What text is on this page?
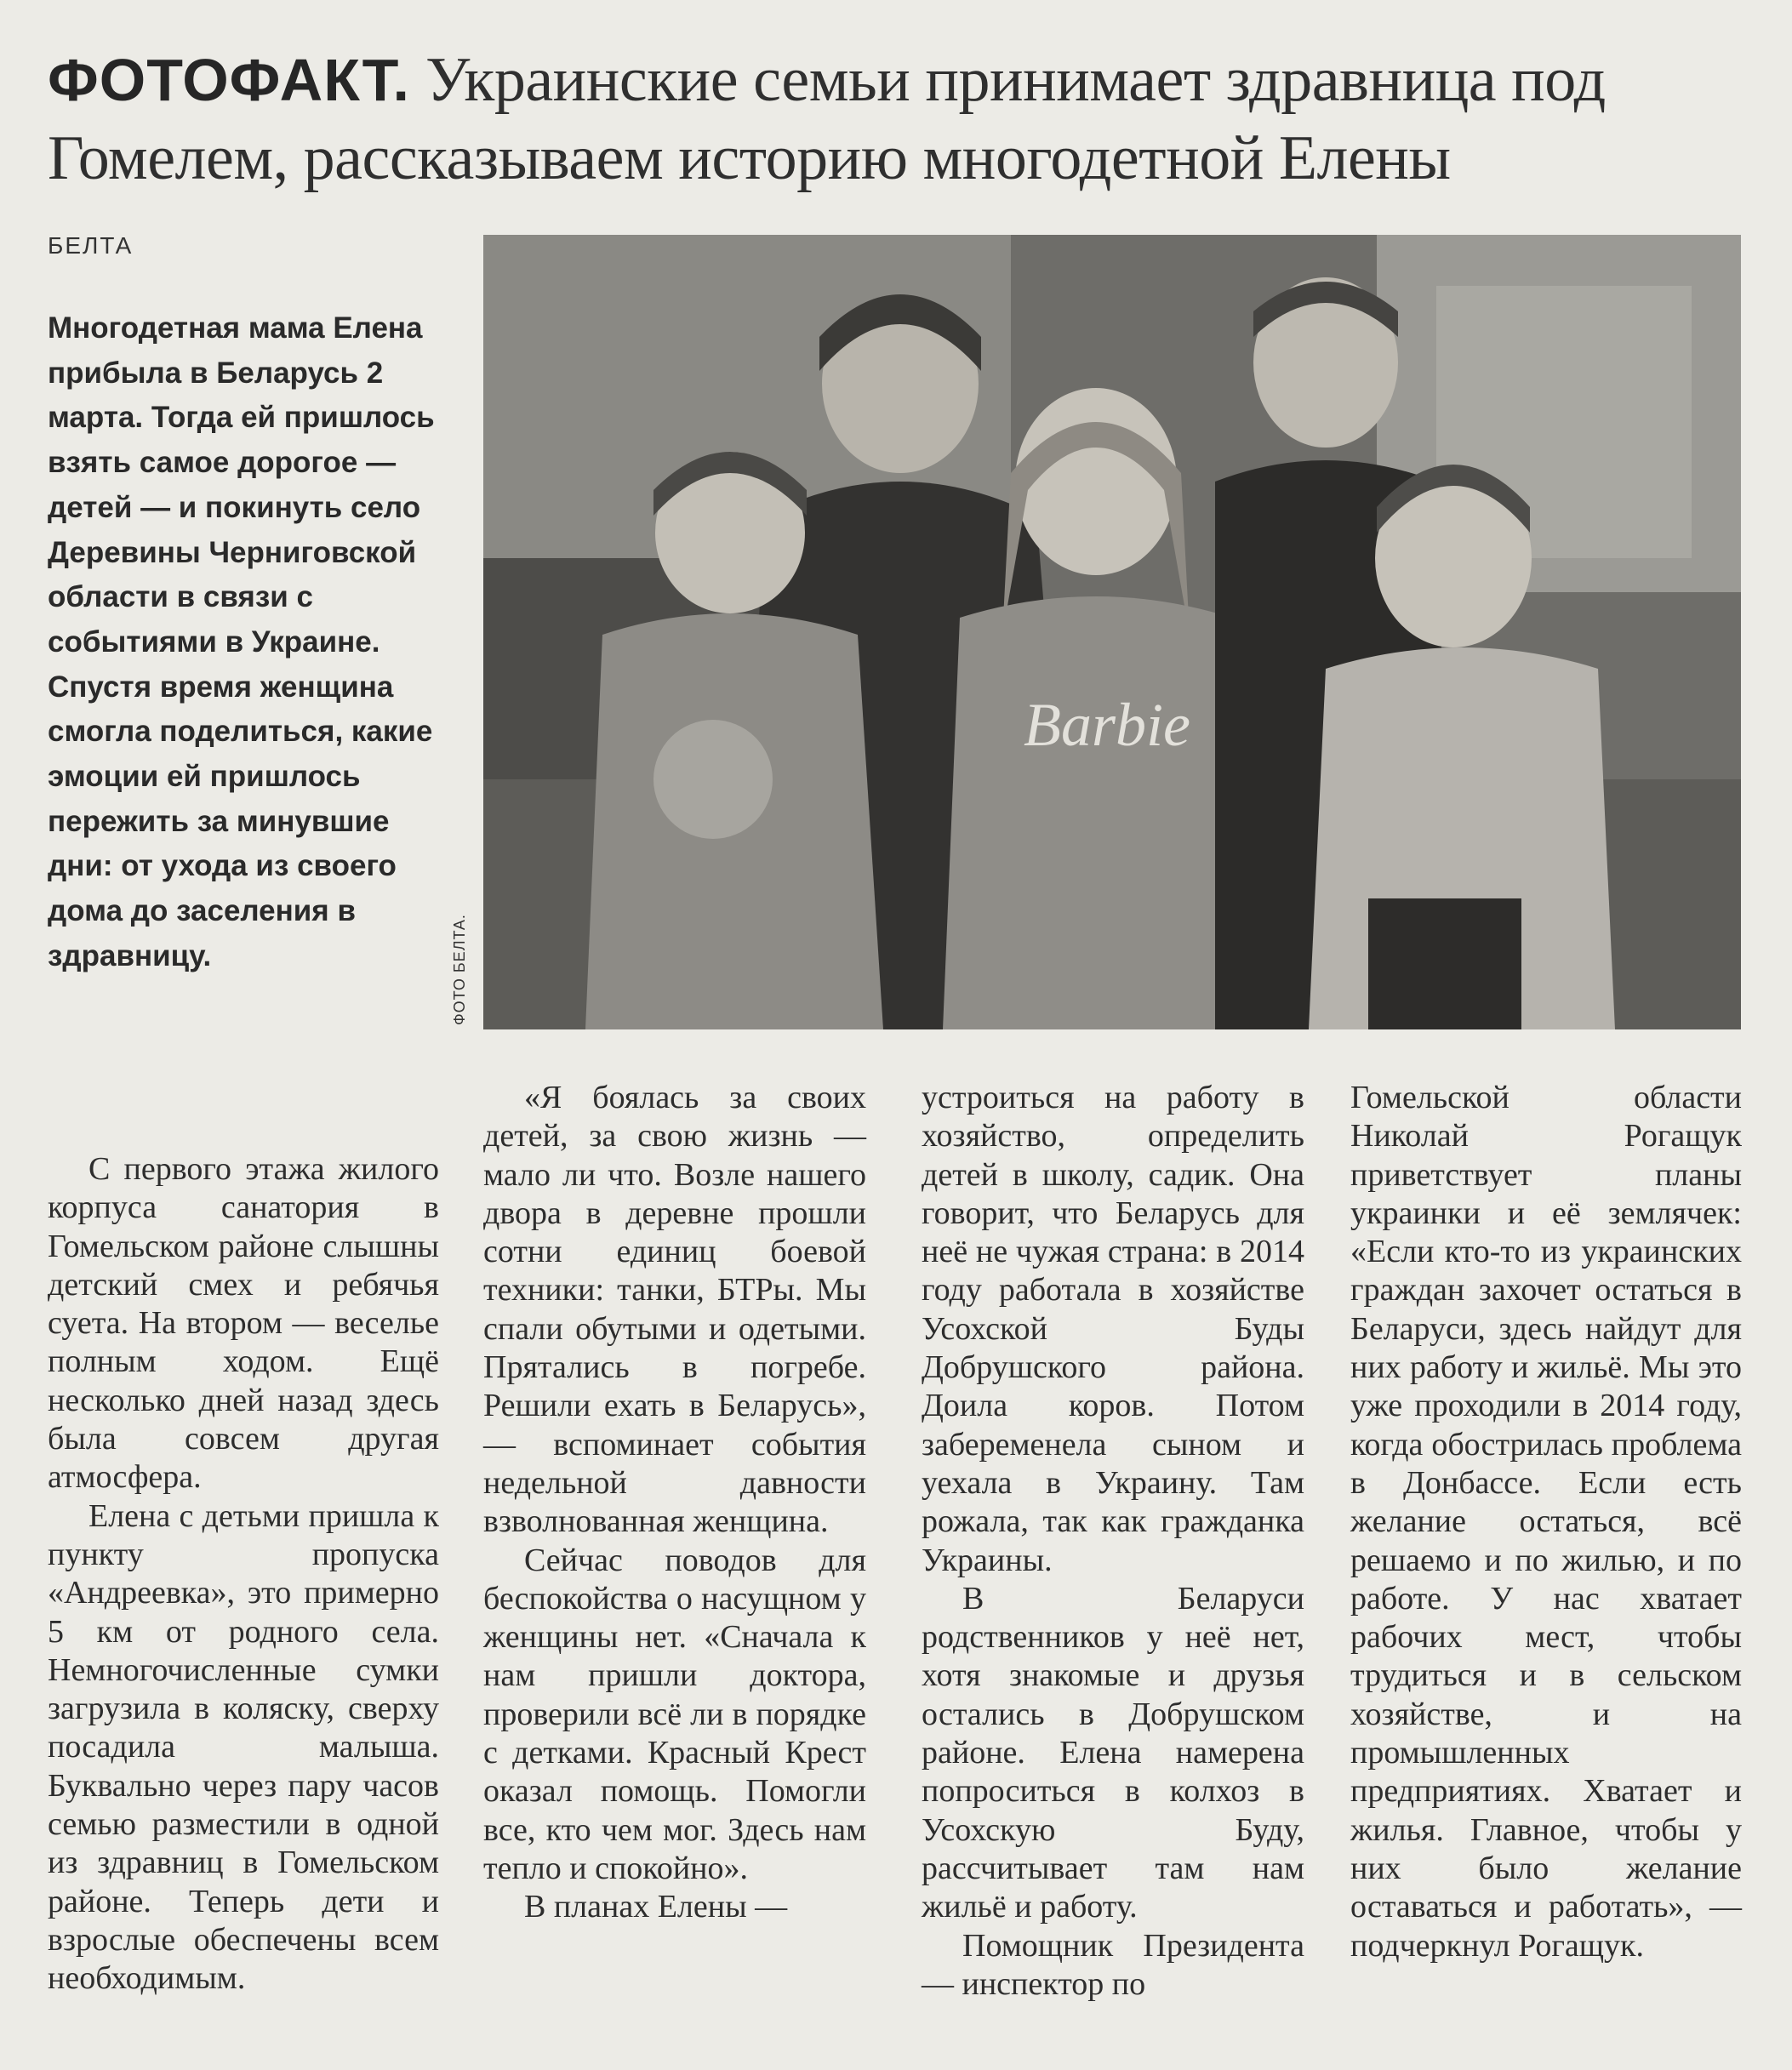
ФОТОФАКТ. Украинские семьи принимает здравница под Гомелем, рассказываем историю многодетной Елены
БЕЛТА
Многодетная мама Елена прибыла в Беларусь 2 марта. Тогда ей пришлось взять самое дорогое — детей — и покинуть село Деревины Черниговской области в связи с событиями в Украине. Спустя время женщина смогла поделиться, какие эмоции ей пришлось пережить за минувшие дни: от ухода из своего дома до заселения в здравницу.
Barbie
ФОТО БЕЛТА.

С первого этажа жилого корпуса санатория в Гомельском районе слышны детский смех и ребячья суета. На втором — веселье полным ходом. Ещё несколько дней назад здесь была совсем другая атмосфера.

Елена с детьми пришла к пункту пропуска «Андреевка», это примерно 5 км от родного села. Немногочисленные сумки загрузила в коляску, сверху посадила малыша. Буквально через пару часов семью разместили в одной из здравниц в Гомельском районе. Теперь дети и взрослые обеспечены всем необходимым.

«Я боялась за своих детей, за свою жизнь — мало ли что. Возле нашего двора в деревне прошли сотни единиц боевой техники: танки, БТРы. Мы спали обутыми и одетыми. Прятались в погребе. Решили ехать в Беларусь», — вспоминает события недельной давности взволнованная женщина.

Сейчас поводов для беспокойства о насущном у женщины нет. «Сначала к нам пришли доктора, проверили всё ли в порядке с детками. Красный Крест оказал помощь. Помогли все, кто чем мог. Здесь нам тепло и спокойно».

В планах Елены —

устроиться на работу в хозяйство, определить детей в школу, садик. Она говорит, что Беларусь для неё не чужая страна: в 2014 году работала в хозяйстве Усохской Буды Добрушского района. Доила коров. Потом забеременела сыном и уехала в Украину. Там рожала, так как гражданка Украины.

В Беларуси родственников у неё нет, хотя знакомые и друзья остались в Добрушском районе. Елена намерена попроситься в колхоз в Усохскую Буду, рассчитывает там нам жильё и работу.

Помощник Президента — инспектор по

Гомельской области Николай Рогащук приветствует планы украинки и её землячек: «Если кто-то из украинских граждан захочет остаться в Беларуси, здесь найдут для них работу и жильё. Мы это уже проходили в 2014 году, когда обострилась проблема в Донбассе. Если есть желание остаться, всё решаемо и по жилью, и по работе. У нас хватает рабочих мест, чтобы трудиться и в сельском хозяйстве, и на промышленных предприятиях. Хватает и жилья. Главное, чтобы у них было желание оставаться и работать», — подчеркнул Рогащук.
